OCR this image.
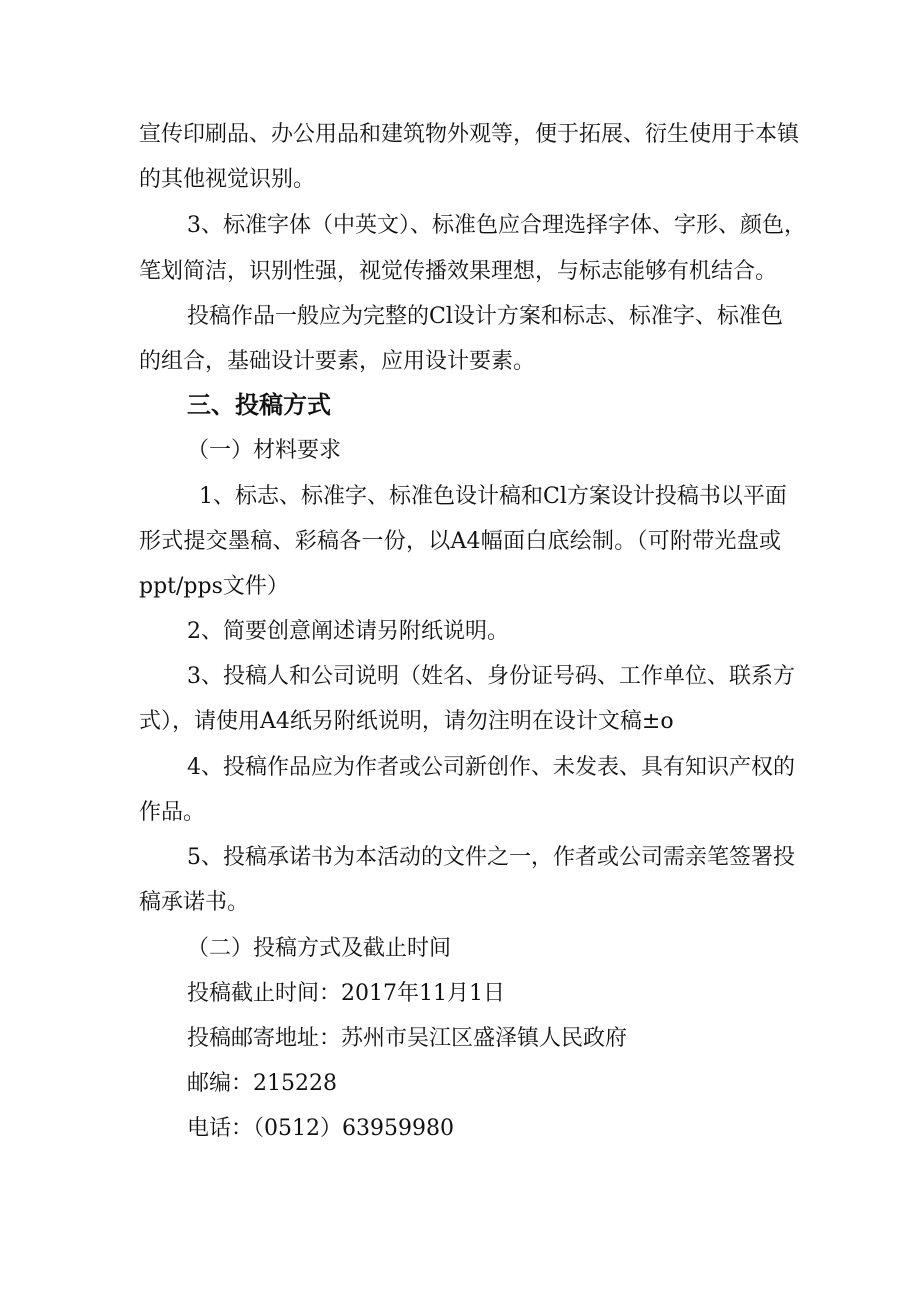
宣传印刷品、办公用品和建筑物外观等，便于拓展、衍生使用于本镇

的其他视觉识别。

3、标准字体（中英文）、标准色应合理选择字体、字形、颜色，

笔划简洁，识别性强，视觉传播效果理想，与标志能够有机结合。

投稿作品一般应为完整的Cl设计方案和标志、标准字、标准色

的组合，基础设计要素，应用设计要素。

三、投稿方式

（一）材料要求

1、标志、标准字、标准色设计稿和Cl方案设计投稿书以平面

形式提交墨稿、彩稿各一份，以A4幅面白底绘制。（可附带光盘或

ppt/pps文件）

2、简要创意阐述请另附纸说明。

3、投稿人和公司说明（姓名、身份证号码、工作单位、联系方

式），请使用A4纸另附纸说明，请勿注明在设计文稿±o

4、投稿作品应为作者或公司新创作、未发表、具有知识产权的

作品。

5、投稿承诺书为本活动的文件之一，作者或公司需亲笔签署投

稿承诺书。

（二）投稿方式及截止时间

投稿截止时间：2017年11月1日

投稿邮寄地址：苏州市吴江区盛泽镇人民政府

邮编：215228

电话：（0512）63959980
